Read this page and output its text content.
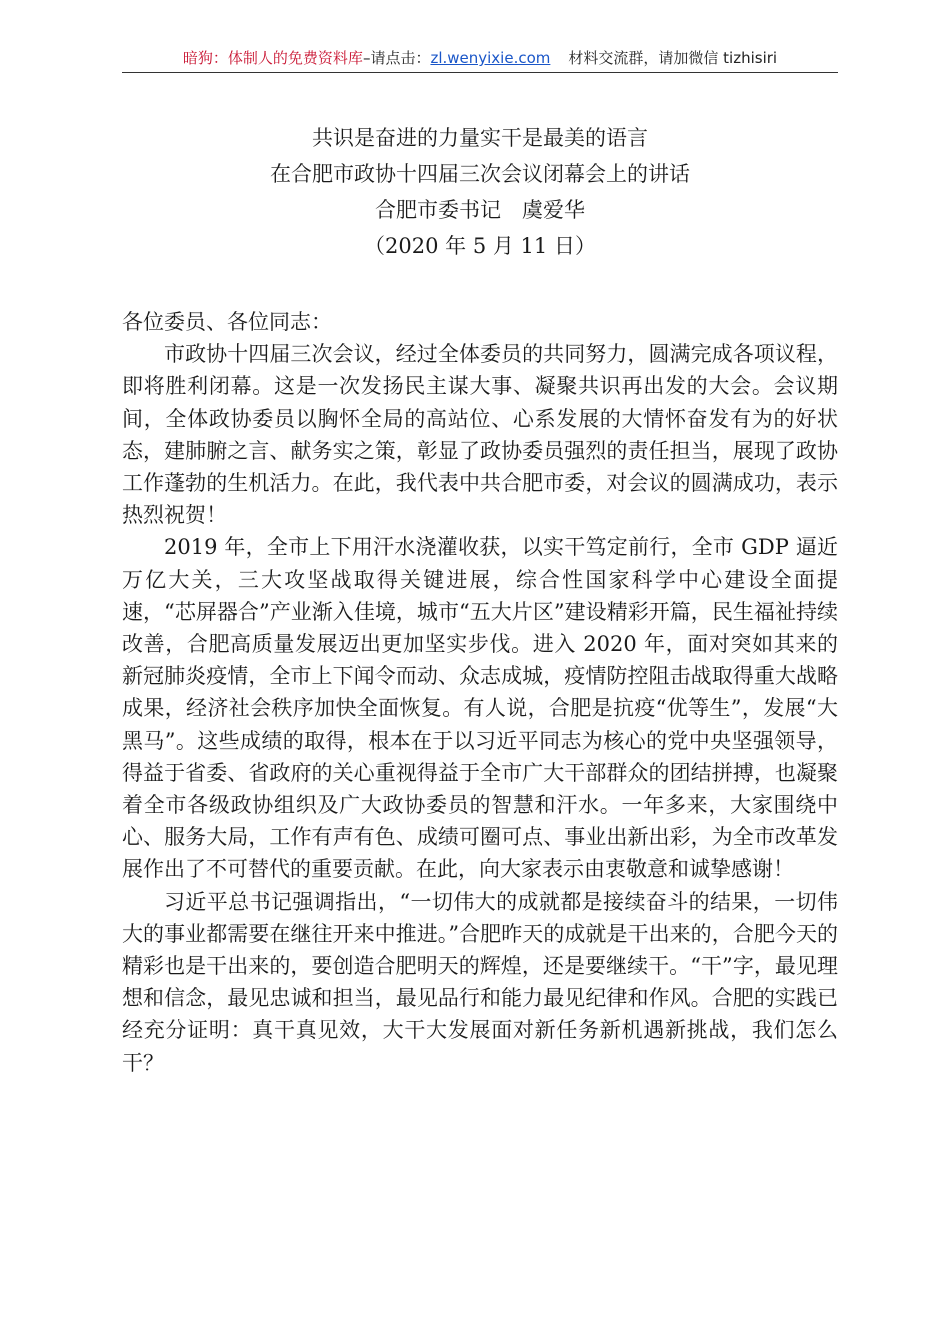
暗狗：体制人的免费资料库–请点击：zl.wenyixie.com 材料交流群，请加微信 tizhisiri
共识是奋进的力量实干是最美的语言
在合肥市政协十四届三次会议闭幕会上的讲话
合肥市委书记　虞爱华
（2020 年 5 月 11 日）

各位委员、各位同志：

市政协十四届三次会议，经过全体委员的共同努力，圆满完成各项议程，即将胜利闭幕。这是一次发扬民主谋大事、凝聚共识再出发的大会。会议期间，全体政协委员以胸怀全局的高站位、心系发展的大情怀奋发有为的好状态，建肺腑之言、献务实之策，彰显了政协委员强烈的责任担当，展现了政协工作蓬勃的生机活力。在此，我代表中共合肥市委，对会议的圆满成功，表示热烈祝贺！

2019 年，全市上下用汗水浇灌收获，以实干笃定前行，全市 GDP 逼近万亿大关，三大攻坚战取得关键进展，综合性国家科学中心建设全面提速，“芯屏器合”产业渐入佳境，城市“五大片区”建设精彩开篇，民生福祉持续改善，合肥高质量发展迈出更加坚实步伐。进入 2020 年，面对突如其来的新冠肺炎疫情，全市上下闻令而动、众志成城，疫情防控阻击战取得重大战略成果，经济社会秩序加快全面恢复。有人说，合肥是抗疫“优等生”，发展“大黑马”。这些成绩的取得，根本在于以习近平同志为核心的党中央坚强领导，得益于省委、省政府的关心重视得益于全市广大干部群众的团结拼搏，也凝聚着全市各级政协组织及广大政协委员的智慧和汗水。一年多来，大家围绕中心、服务大局，工作有声有色、成绩可圈可点、事业出新出彩，为全市改革发展作出了不可替代的重要贡献。在此，向大家表示由衷敬意和诚挚感谢！

习近平总书记强调指出，“一切伟大的成就都是接续奋斗的结果，一切伟大的事业都需要在继往开来中推进。”合肥昨天的成就是干出来的，合肥今天的精彩也是干出来的，要创造合肥明天的辉煌，还是要继续干。“干”字，最见理想和信念，最见忠诚和担当，最见品行和能力最见纪律和作风。合肥的实践已经充分证明：真干真见效，大干大发展面对新任务新机遇新挑战，我们怎么干？
